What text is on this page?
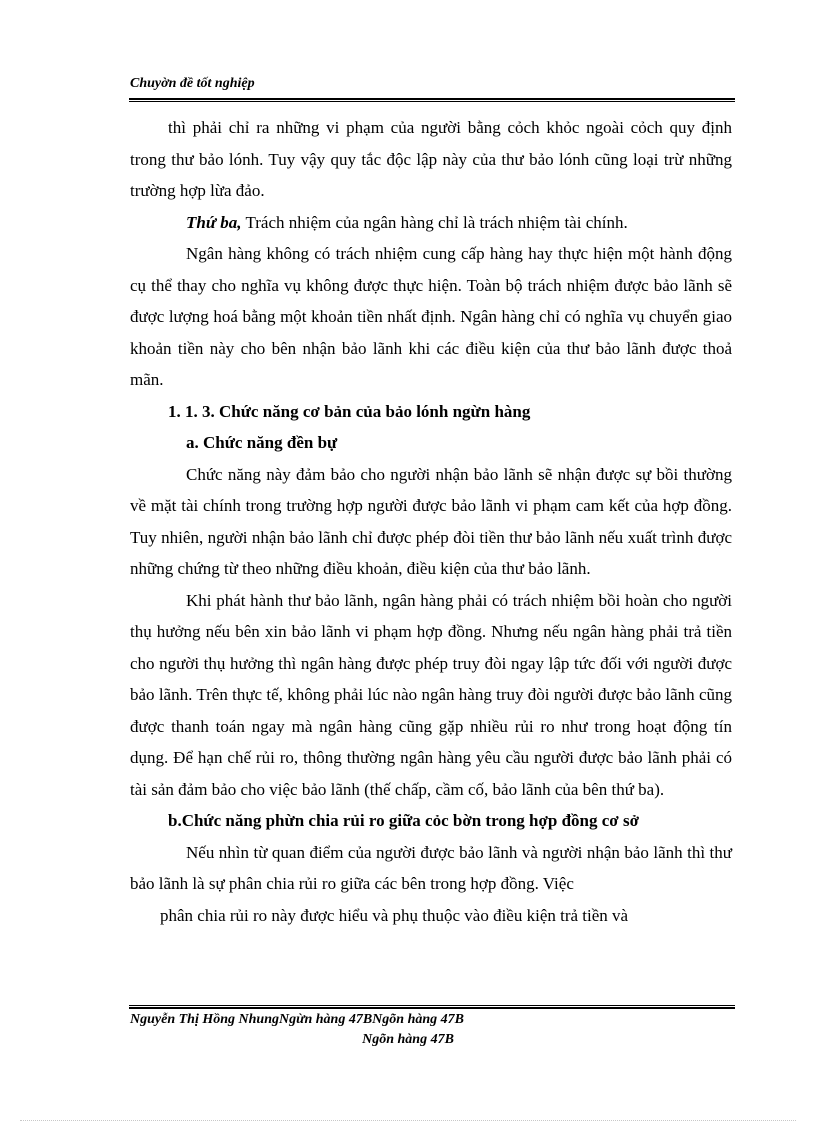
Chuyờn đề tốt nghiệp

thì phải chỉ ra những vi phạm của người bằng cỏch khỏc ngoài cỏch quy định trong thư bảo lónh. Tuy vậy quy tắc độc lập này của thư bảo lónh cũng loại trừ những trường hợp lừa đảo.

Thứ ba, Trách nhiệm của ngân hàng chỉ là trách nhiệm tài chính.

Ngân hàng không có trách nhiệm cung cấp hàng hay thực hiện một hành động cụ thể thay cho nghĩa vụ không được thực hiện. Toàn bộ trách nhiệm được bảo lãnh sẽ được lượng hoá bằng một khoản tiền nhất định. Ngân hàng chỉ có nghĩa vụ chuyển giao khoản tiền này cho bên nhận bảo lãnh khi các điều kiện của thư bảo lãnh được thoả mãn.

1. 1. 3. Chức năng cơ bản của bảo lónh ngừn hàng

a. Chức năng đền bự

Chức năng này đảm bảo cho người nhận bảo lãnh sẽ nhận được sự bồi thường về mặt tài chính trong trường hợp người được bảo lãnh vi phạm cam kết của hợp đồng. Tuy nhiên, người nhận bảo lãnh chỉ được phép đòi tiền thư bảo lãnh nếu xuất trình được những chứng từ theo những điều khoản, điều kiện của thư bảo lãnh.

Khi phát hành thư bảo lãnh, ngân hàng phải có trách nhiệm bồi hoàn cho người thụ hưởng nếu bên xin bảo lãnh vi phạm hợp đồng. Nhưng nếu ngân hàng phải trả tiền cho người thụ hưởng thì ngân hàng được phép truy đòi ngay lập tức đối với người được bảo lãnh. Trên thực tế, không phải lúc nào ngân hàng truy đòi người được bảo lãnh cũng được thanh toán ngay mà ngân hàng cũng gặp nhiều rủi ro như trong hoạt động tín dụng. Để hạn chế rủi ro, thông thường ngân hàng yêu cầu người được bảo lãnh phải có tài sản đảm bảo cho việc bảo lãnh (thế chấp, cầm cố, bảo lãnh của bên thứ ba).

b.Chức năng phừn chia rủi ro giữa cỏc bờn trong hợp đồng cơ sở

Nếu nhìn từ quan điểm của người được bảo lãnh và người nhận bảo lãnh thì thư bảo lãnh là sự phân chia rủi ro giữa các bên trong hợp đồng. Việc

phân chia rủi ro này được hiểu và phụ thuộc vào điều kiện trả tiền và

Nguyễn Thị Hồng NhungNgừn hàng 47BNgõn hàng 47B
Ngõn hàng 47B
